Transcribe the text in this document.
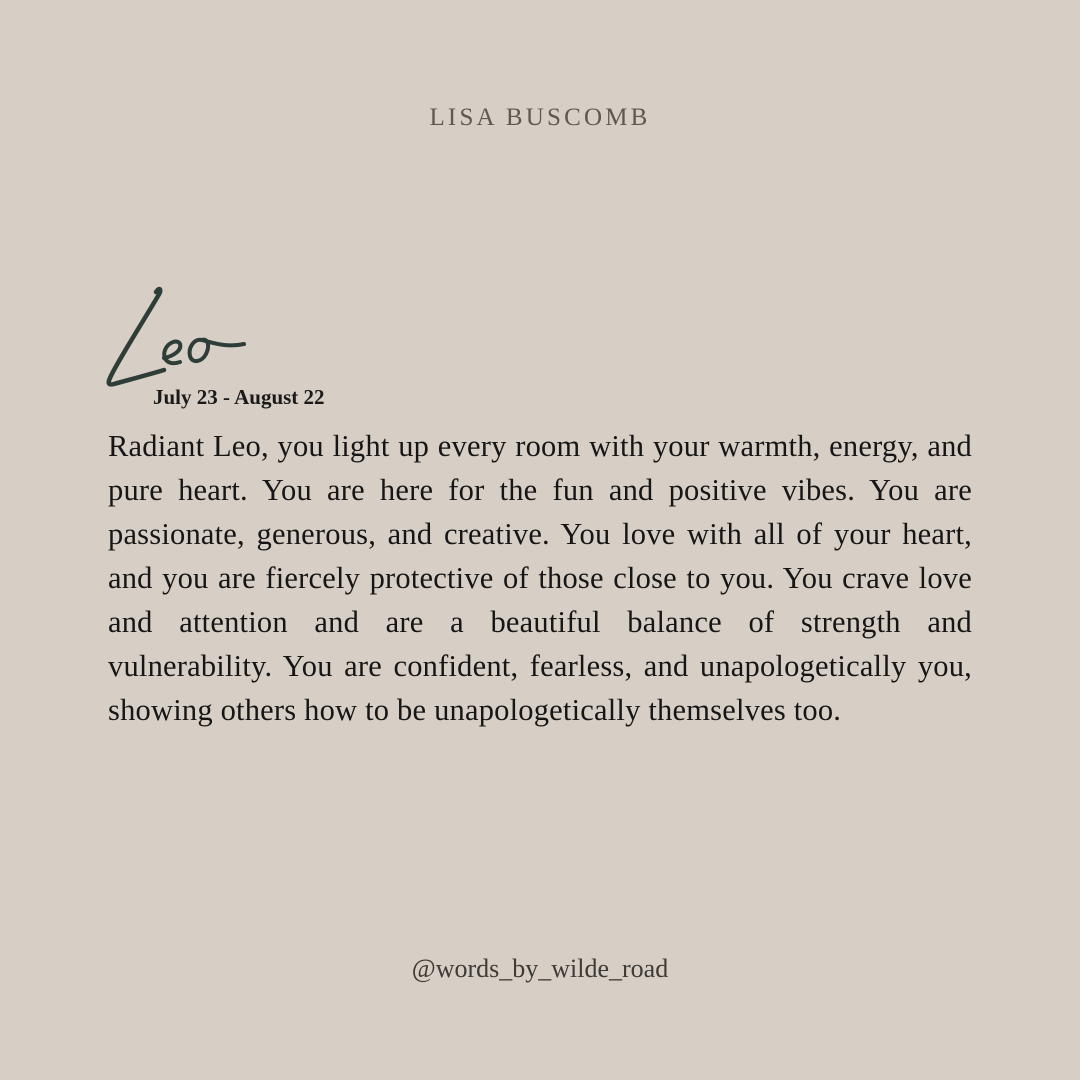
LISA BUSCOMB
July 23 - August 22
Radiant Leo, you light up every room with your warmth, energy, and pure heart. You are here for the fun and positive vibes. You are passionate, generous, and creative. You love with all of your heart, and you are fiercely protective of those close to you. You crave love and attention and are a beautiful balance of strength and vulnerability. You are confident, fearless, and unapologetically you, showing others how to be unapologetically themselves too.
@words_by_wilde_road
